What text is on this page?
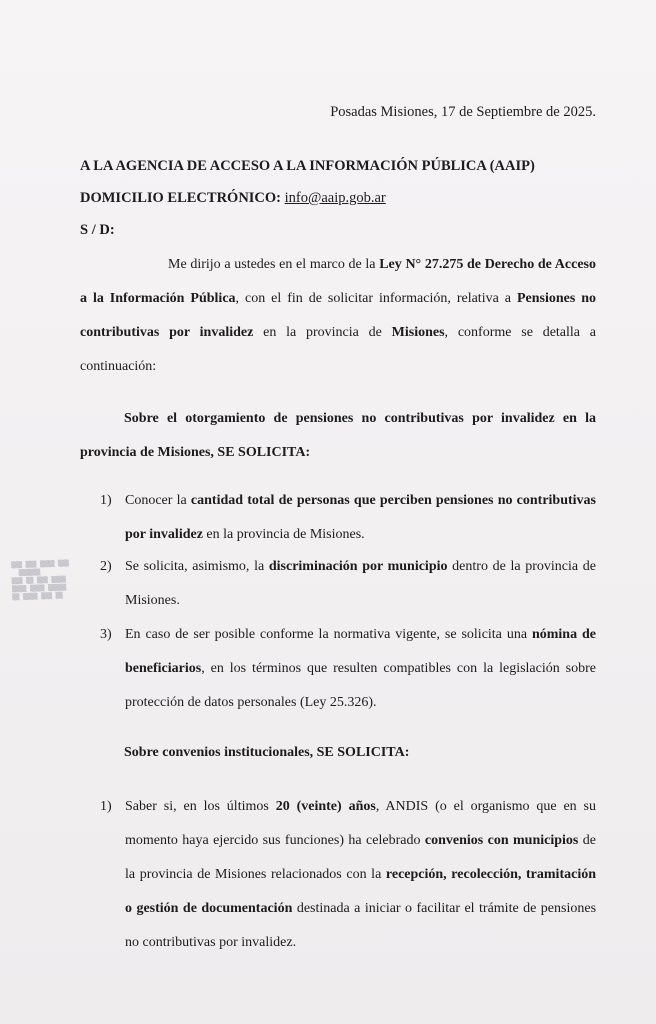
Posadas Misiones, 17 de Septiembre de 2025.
A LA AGENCIA DE ACCESO A LA INFORMACIÓN PÚBLICA (AAIP)
DOMICILIO ELECTRÓNICO: info@aaip.gob.ar
S / D:
Me dirijo a ustedes en el marco de la Ley N° 27.275 de Derecho de Acceso a la Información Pública, con el fin de solicitar información, relativa a Pensiones no contributivas por invalidez en la provincia de Misiones, conforme se detalla a continuación:
Sobre el otorgamiento de pensiones no contributivas por invalidez en la provincia de Misiones, SE SOLICITA:
1) Conocer la cantidad total de personas que perciben pensiones no contributivas por invalidez en la provincia de Misiones.
2) Se solicita, asimismo, la discriminación por municipio dentro de la provincia de Misiones.
3) En caso de ser posible conforme la normativa vigente, se solicita una nómina de beneficiarios, en los términos que resulten compatibles con la legislación sobre protección de datos personales (Ley 25.326).
Sobre convenios institucionales, SE SOLICITA:
1) Saber si, en los últimos 20 (veinte) años, ANDIS (o el organismo que en su momento haya ejercido sus funciones) ha celebrado convenios con municipios de la provincia de Misiones relacionados con la recepción, recolección, tramitación o gestión de documentación destinada a iniciar o facilitar el trámite de pensiones no contributivas por invalidez.
▒▒▒ ▒▒▒ ▒▒▒▒ ▒▒▒
▒▒▒▒▒▒
▒▒▒ ▒▒ ▒▒▒ ▒▒▒▒
▒▒▒▒ ▒▒▒▒ ▒▒▒▒▒
▒▒ ▒▒▒▒ ▒▒▒ ▒▒
